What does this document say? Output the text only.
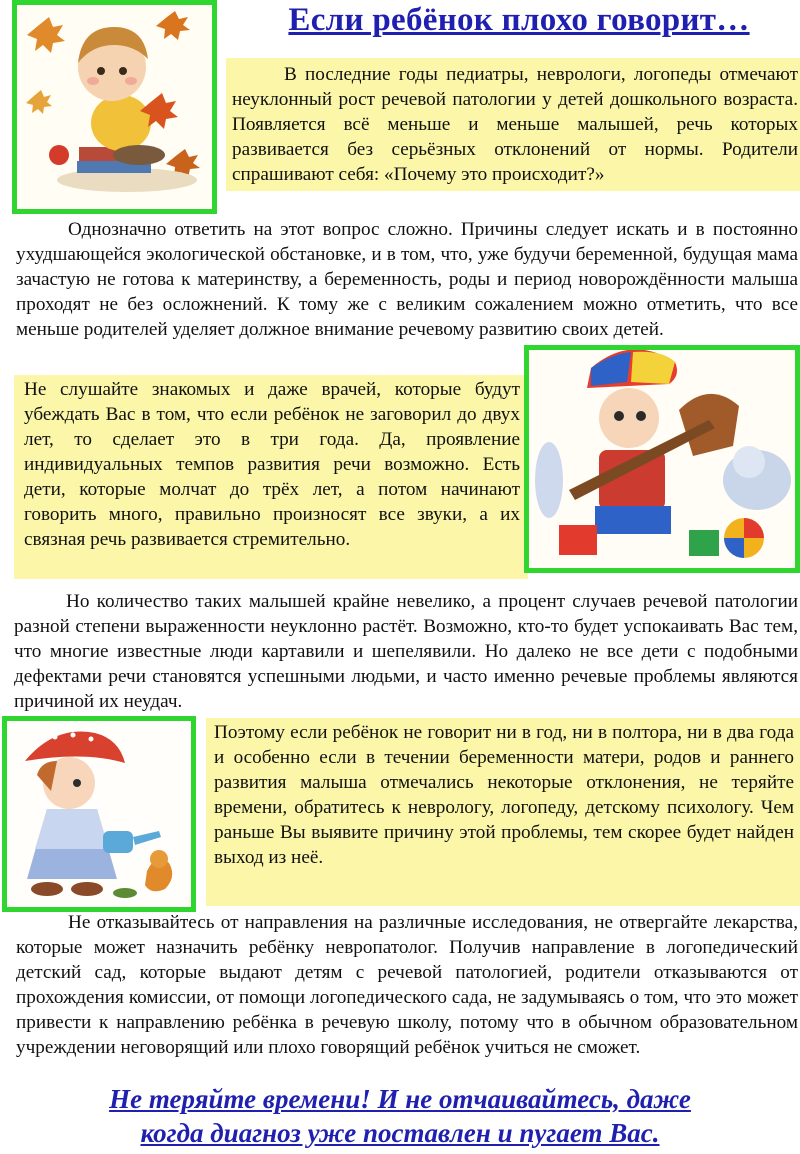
Если ребёнок плохо говорит…
В последние годы педиатры, неврологи, логопеды отмечают неуклонный рост речевой патологии у детей дошкольного возраста. Появляется всё меньше и меньше малышей, речь которых развивается без серьёзных отклонений от нормы. Родители спрашивают себя: «Почему это происходит?»
Однозначно ответить на этот вопрос сложно. Причины следует искать и в постоянно ухудшающейся экологической обстановке, и в том, что, уже будучи беременной, будущая мама зачастую не готова к материнству, а беременность, роды и период новорождённости малыша проходят не без осложнений. К тому же с великим сожалением можно отметить, что все меньше родителей уделяет должное внимание речевому развитию своих детей.
Не слушайте знакомых и даже врачей, которые будут убеждать Вас в том, что если ребёнок не заговорил до двух лет, то сделает это в три года. Да, проявление индивидуальных темпов развития речи возможно. Есть дети, которые молчат до трёх лет, а потом начинают говорить много, правильно произносят все звуки, а их связная речь развивается стремительно.
Но количество таких малышей крайне невелико, а процент случаев речевой патологии разной степени выраженности неуклонно растёт. Возможно, кто-то будет успокаивать Вас тем, что многие известные люди картавили и шепелявили. Но далеко не все дети с подобными дефектами речи становятся успешными людьми, и часто именно речевые проблемы являются причиной их неудач.
Поэтому если ребёнок не говорит ни в год, ни в полтора, ни в два года и особенно если в течении беременности матери, родов и раннего развития малыша отмечались некоторые отклонения, не теряйте времени, обратитесь к неврологу, логопеду, детскому психологу. Чем раньше Вы выявите причину этой проблемы, тем скорее будет найден выход из неё.
Не отказывайтесь от направления на различные исследования, не отвергайте лекарства, которые может назначить ребёнку невропатолог. Получив направление в логопедический детский сад, которые выдают детям с речевой патологией, родители отказываются от прохождения комиссии, от помощи логопедического сада, не задумываясь о том, что это может привести к направлению ребёнка в речевую школу, потому что в обычном образовательном учреждении неговорящий или плохо говорящий ребёнок учиться не сможет.
Не теряйте времени! И не отчаивайтесь, даже
когда диагноз уже поставлен и пугает Вас.
